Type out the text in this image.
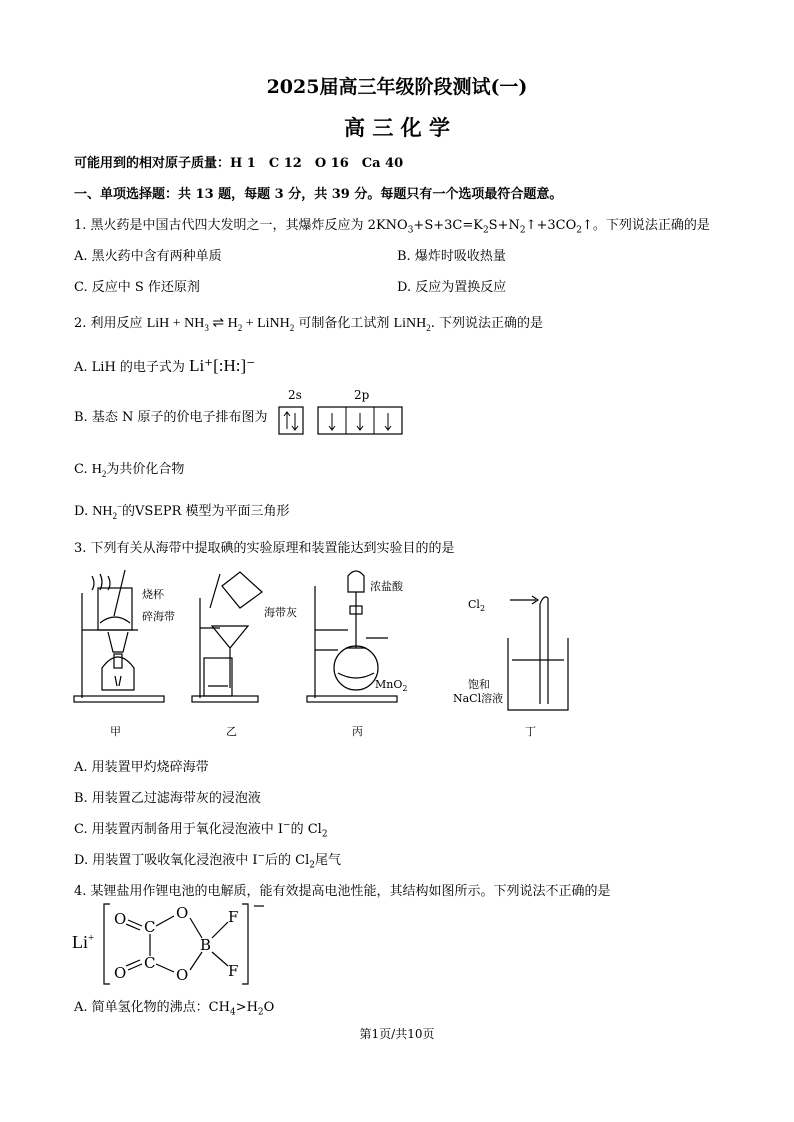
2025届高三年级阶段测试(一)
高 三 化 学
可能用到的相对原子质量：H 1　C 12　O 16　Ca 40
一、单项选择题：共 13 题，每题 3 分，共 39 分。每题只有一个选项最符合题意。
1. 黑火药是中国古代四大发明之一，其爆炸反应为 $2KNO_3+S+3C=K_2S+N_2↑+3CO_2↑$。下列说法正确的是
A. 黑火药中含有两种单质	B. 爆炸时吸收热量
C. 反应中 S 作还原剂	D. 反应为置换反应
2. 利用反应 LiH + $NH_3$ ⇌ $H_2$ + LiNH$_2$ 可制备化工试剂 LiNH$_2$. 下列说法正确的是
A. LiH 的电子式为 Li⁺[:H:]⁻
B. 基态 N 原子的价电子排布图为
2s	2p
C. $H_2$为共价化合物
D. $NH_2^-$的VSEPR 模型为平面三角形
3. 下列有关从海带中提取碘的实验原理和装置能达到实验目的的是
烧杯
碎海带	海带灰
浓盐酸
MnO$_2$
$Cl_2$
饱和
NaCl溶液
甲	乙	丙	丁
A. 用装置甲灼烧碎海带
B. 用装置乙过滤海带灰的浸泡液
C. 用装置丙制备用于氧化浸泡液中 I−的 $Cl_2$
D. 用装置丁吸收氧化浸泡液中 I−后的 $Cl_2$尾气
4. 某锂盐用作锂电池的电解质，能有效提高电池性能，其结构如图所示。下列说法不正确的是
Li+
O C
O
B
F
O
C
O	F
A. 简单氢化物的沸点：$CH_4>H_2O$
第1页/共10页
